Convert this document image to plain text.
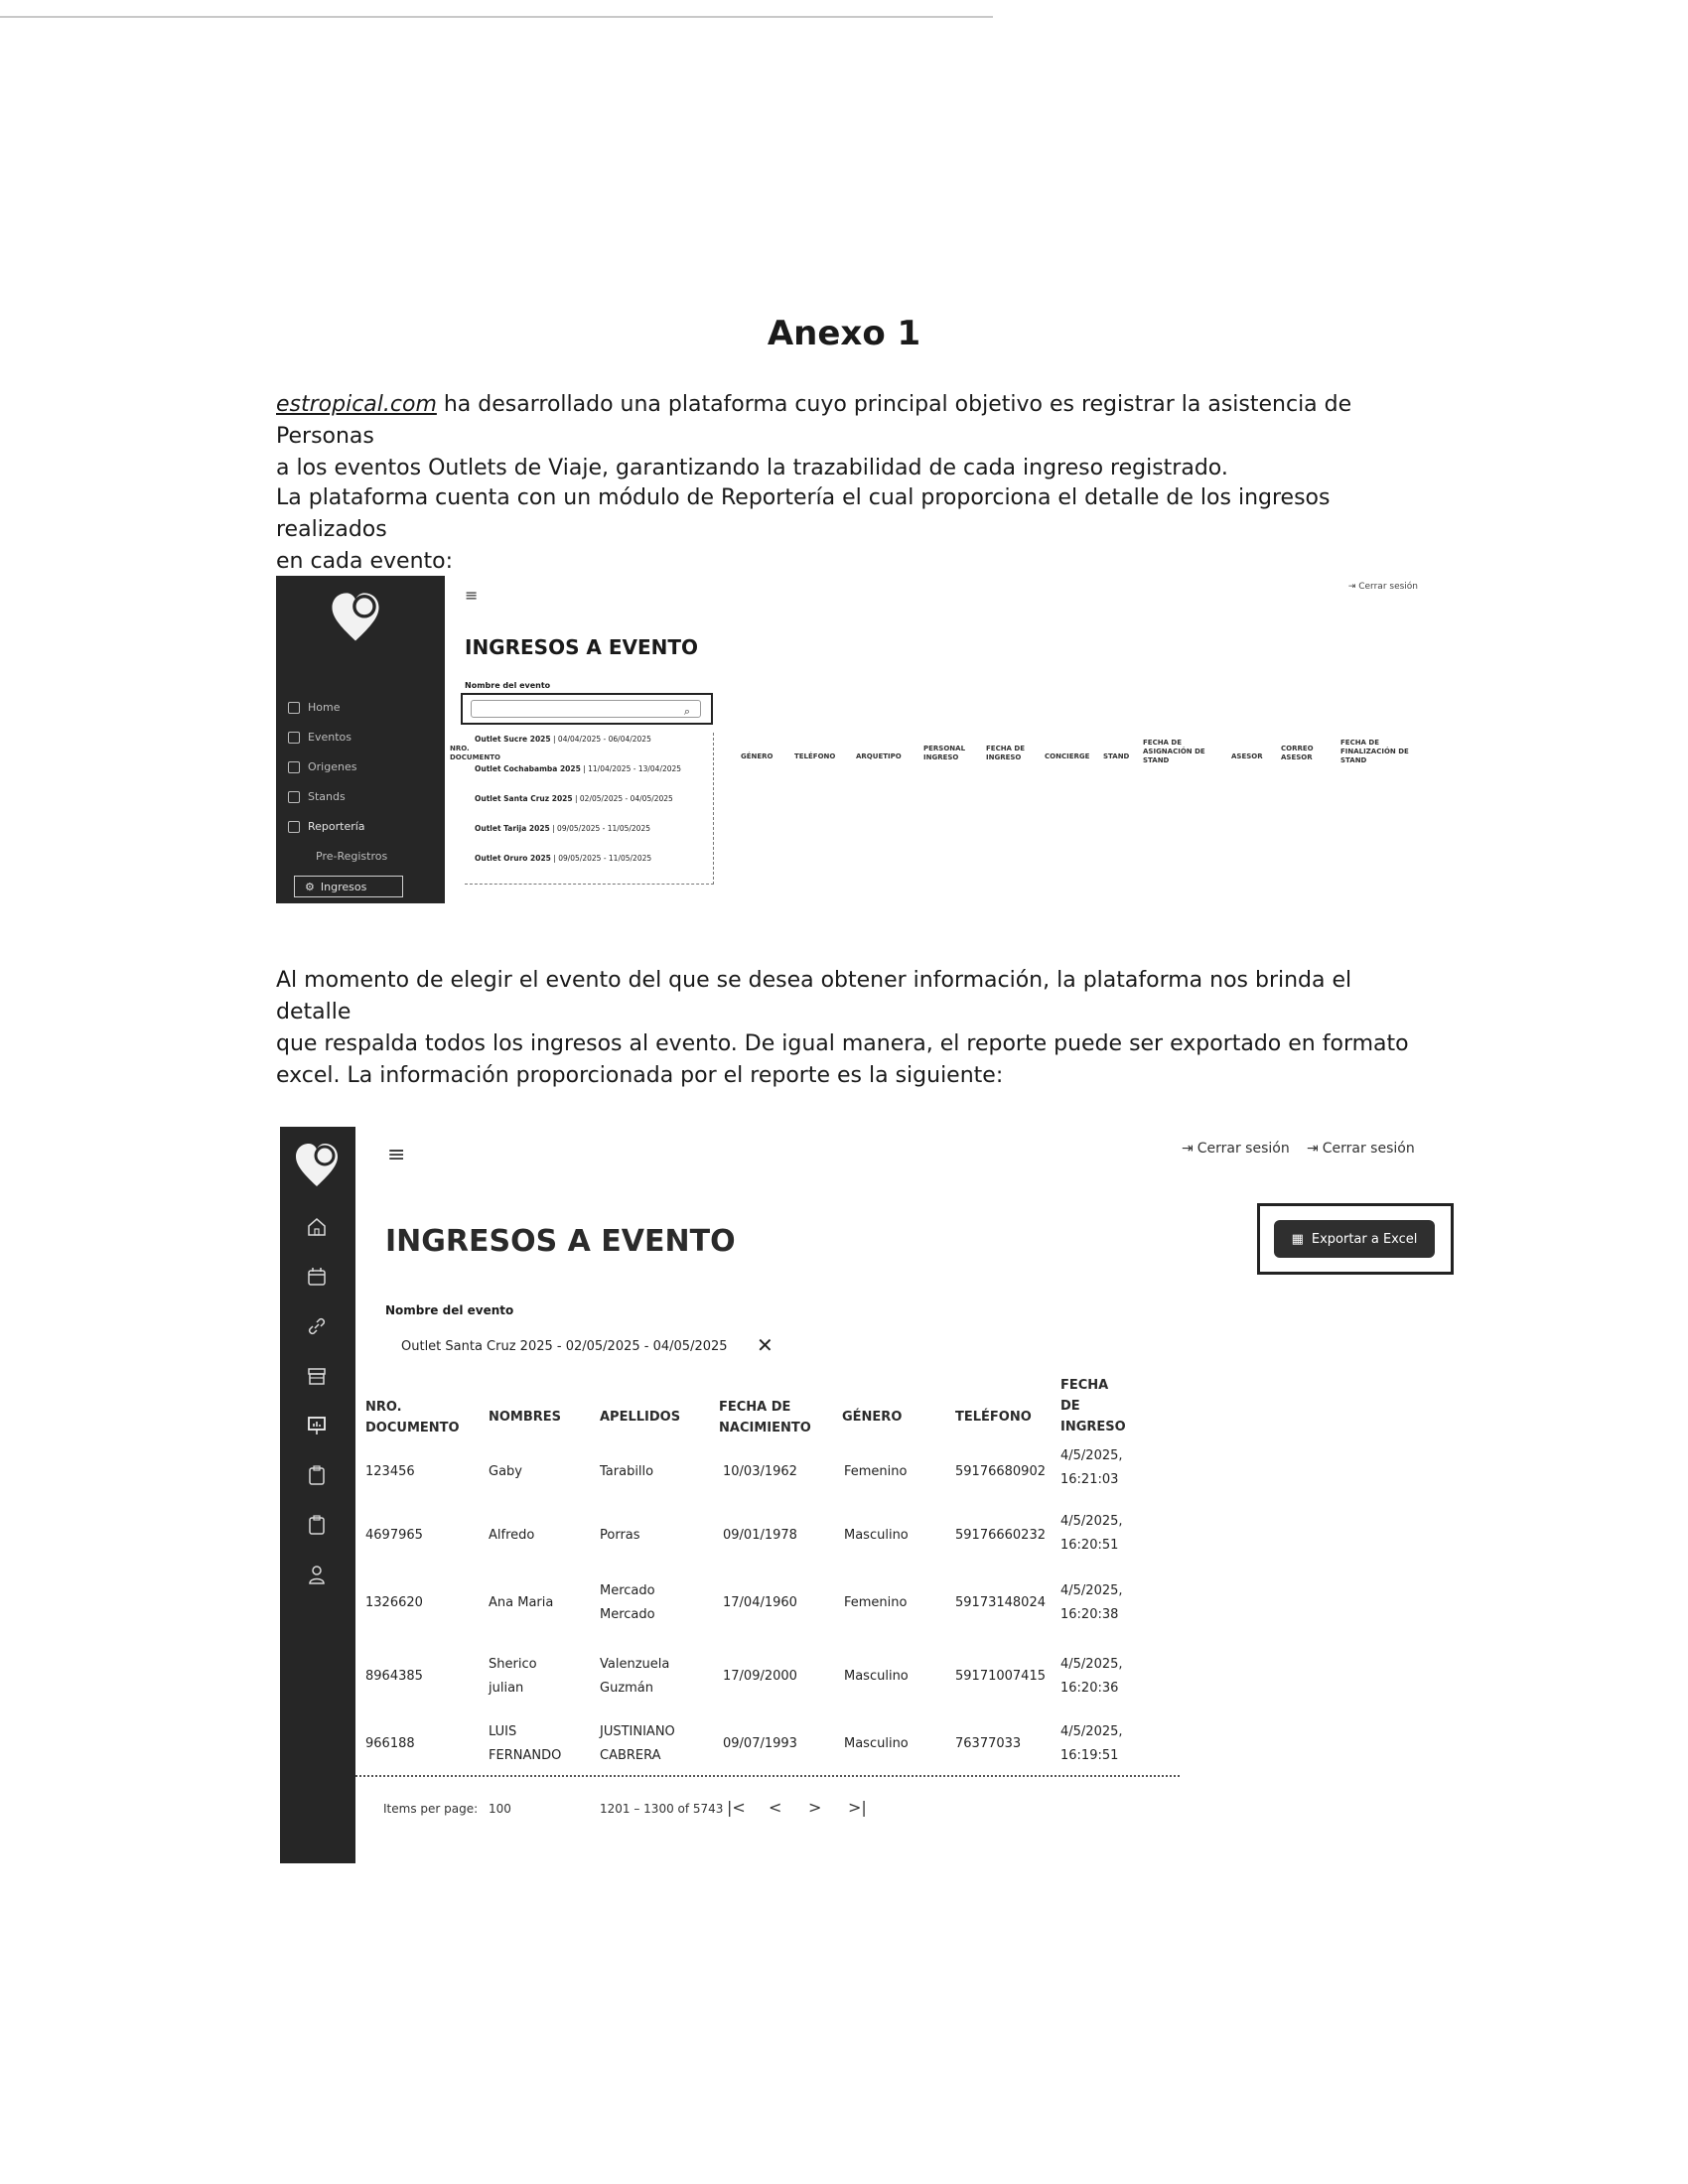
Anexo 1
estropical.com ha desarrollado una plataforma cuyo principal objetivo es registrar la asistencia de Personas
a los eventos Outlets de Viaje, garantizando la trazabilidad de cada ingreso registrado.
La plataforma cuenta con un módulo de Reportería el cual proporciona el detalle de los ingresos realizados
en cada evento:
Home
Eventos
Origenes
Stands
Reportería
Pre-Registros
⚙ Ingresos
≡	⇥ Cerrar sesión
INGRESOS A EVENTO
Nombre del evento
⌕
Outlet Sucre 2025 | 04/04/2025 - 06/04/2025
Outlet Cochabamba 2025 | 11/04/2025 - 13/04/2025
Outlet Santa Cruz 2025 | 02/05/2025 - 04/05/2025
Outlet Tarija 2025 | 09/05/2025 - 11/05/2025
Outlet Oruro 2025 | 09/05/2025 - 11/05/2025
NRO. DOCUMENTO	GÉNERO	TELÉFONO	ARQUETIPO
PERSONAL INGRESO
FECHA DE INGRESO	CONCIERGE STAND
FECHA DE ASIGNACIÓN DE STAND	ASESOR
CORREO ASESOR
FECHA DE FINALIZACIÓN DE STAND
Al momento de elegir el evento del que se desea obtener información, la plataforma nos brinda el detalle
que respalda todos los ingresos al evento. De igual manera, el reporte puede ser exportado en formato
excel. La información proporcionada por el reporte es la siguiente:
≡	⇥ Cerrar sesión ⇥ Cerrar sesión
▦ Exportar a Excel
INGRESOS A EVENTO
Nombre del evento
Outlet Santa Cruz 2025 - 02/05/2025 - 04/05/2025 ✕
NRO. DOCUMENTO
NOMBRES	APELLIDOS
FECHA DE NACIMIENTO
GÉNERO	TELÉFONO
FECHA DE INGRESO
123456	Gaby	Tarabillo	10/03/1962	Femenino	59176680902
4/5/2025, 16:21:03
4697965	Alfredo	Porras	09/01/1978	Masculino	59176660232
4/5/2025, 16:20:51
1326620	Ana Maria
Mercado Mercado
17/04/1960	Femenino	59173148024
4/5/2025, 16:20:38
8964385
Sherico julian
Valenzuela Guzmán
17/09/2000	Masculino	59171007415
4/5/2025, 16:20:36
966188
LUIS FERNANDO
JUSTINIANO CABRERA
09/07/1993	Masculino	76377033
4/5/2025, 16:19:51
Items per page: 100	1201 – 1300 of 5743 |< < > >|
